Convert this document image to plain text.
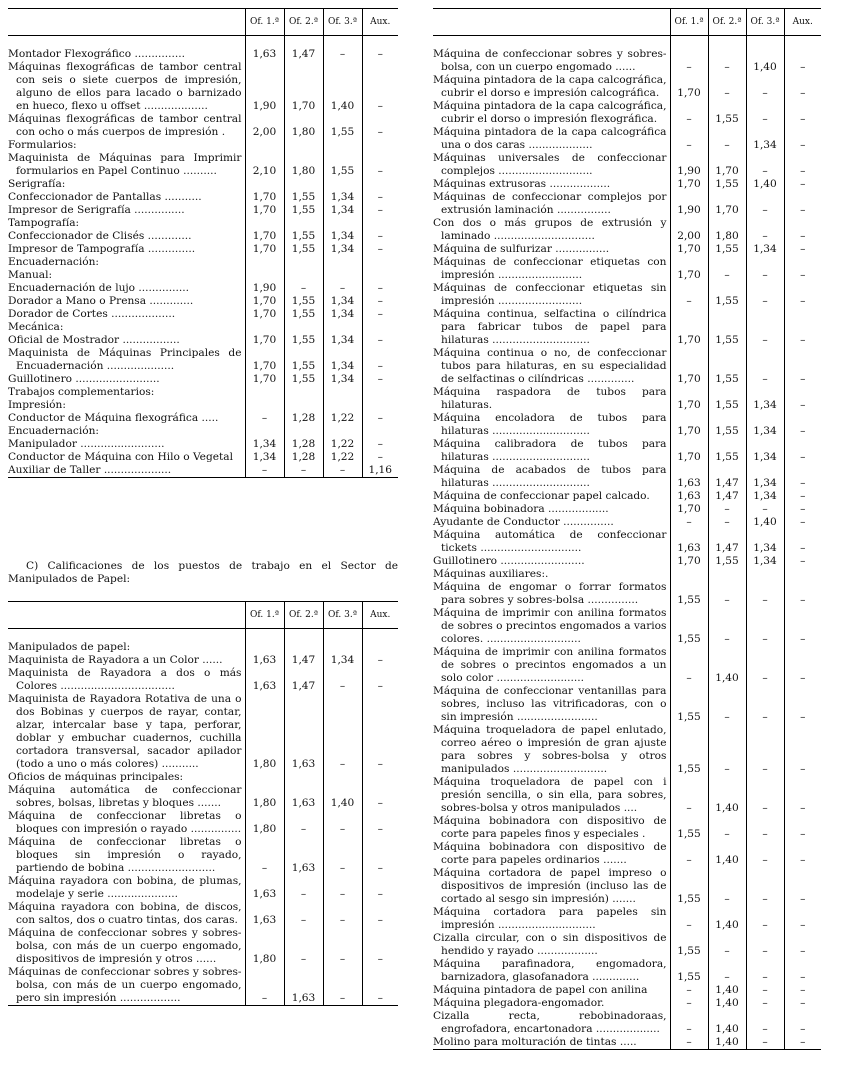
	Of. 1.ª	Of. 2.ª	Of. 3.ª	Aux.

Montador Flexográfico ...............	1,63	1,47	–	–

Máquinas flexográficas de tambor central con seis o siete cuerpos de impresión, alguno de ellos para lacado o barnizado en hueco, flexo u offset ...................	1,90	1,70	1,40	–

Máquinas flexográficas de tambor central con ocho o más cuerpos de impresión .	2,00	1,80	1,55	–
Formularios:				

Maquinista de Máquinas para Imprimir formularios en Papel Continuo ..........	2,10	1,80	1,55	–
Serigrafía:				

Confeccionador de Pantallas ...........	1,70	1,55	1,34	–

Impresor de Serigrafía ...............	1,70	1,55	1,34	–
Tampografía:				

Confeccionador de Clisés .............	1,70	1,55	1,34	–

Impresor de Tampografía ..............	1,70	1,55	1,34	–
Encuadernación:				
Manual:				

Encuadernación de lujo ...............	1,90	–	–	–

Dorador a Mano o Prensa .............	1,70	1,55	1,34	–

Dorador de Cortes ...................	1,70	1,55	1,34	–
Mecánica:				

Oficial de Mostrador .................	1,70	1,55	1,34	–

Maquinista de Máquinas Principales de Encuadernación ....................	1,70	1,55	1,34	–

Guillotinero .........................	1,70	1,55	1,34	–
Trabajos complementarios:				
Impresión:				

Conductor de Máquina flexográfica .....	–	1,28	1,22	–
Encuadernación:				

Manipulador .........................	1,34	1,28	1,22	–

Conductor de Máquina con Hilo o Vegetal	1,34	1,28	1,22	–

Auxiliar de Taller ....................	–	–	–	1,16
C) Calificaciones de los puestos de trabajo en el Sector de Manipulados de Papel:
	Of. 1.ª	Of. 2.ª	Of. 3.ª	Aux.

Manipulados de papel:				

Maquinista de Rayadora a un Color ......	1,63	1,47	1,34	–

Maquinista de Rayadora a dos o más Colores ..................................	1,63	1,47	–	–

Maquinista de Rayadora Rotativa de una o dos Bobinas y cuerpos de rayar, contar, alzar, intercalar base y tapa, perforar, doblar y embuchar cuadernos, cuchilla cortadora transversal, sacador apilador (todo a uno o más colores) ...........	1,80	1,63	–	–
Oficios de máquinas principales:				

Máquina automática de confeccionar sobres, bolsas, libretas y bloques .......	1,80	1,63	1,40	–

Máquina de confeccionar libretas o bloques con impresión o rayado ...............	1,80	–	–	–

Máquina de confeccionar libretas o bloques sin impresión o rayado, partiendo de bobina ..........................	–	1,63	–	–

Máquina rayadora con bobina, de plumas, modelaje y serie .....................	1,63	–	–	–

Máquina rayadora con bobina, de discos, con saltos, dos o cuatro tintas, dos caras.	1,63	–	–	–

Máquina de confeccionar sobres y sobres-bolsa, con más de un cuerpo engomado, dispositivos de impresión y otros ......	1,80	–	–	–

Máquinas de confeccionar sobres y sobres-bolsa, con más de un cuerpo engomado, pero sin impresión ..................	–	1,63	–	–
	Of. 1.ª	Of. 2.ª	Of. 3.ª	Aux.

Máquina de confeccionar sobres y sobres-bolsa, con un cuerpo engomado ......	–	–	1,40	–

Máquina pintadora de la capa calcográfica, cubrir el dorso e impresión calcográfica.	1,70	–	–	–

Máquina pintadora de la capa calcográfica, cubrir el dorso o impresión flexográfica.	–	1,55	–	–

Máquina pintadora de la capa calcográfica una o dos caras ...................	–	–	1,34	–

Máquinas universales de confeccionar complejos ............................	1,90	1,70	–	–

Máquinas extrusoras ..................	1,70	1,55	1,40	–

Máquinas de confeccionar complejos por extrusión laminación ................	1,90	1,70	–	–

Con dos o más grupos de extrusión y laminado ..............................	2,00	1,80	–	–

Máquina de sulfurizar ................	1,70	1,55	1,34	–

Máquinas de confeccionar etiquetas con impresión .........................	1,70	–	–	–

Máquinas de confeccionar etiquetas sin impresión .........................	–	1,55	–	–

Máquina continua, selfactina o cilíndrica para fabricar tubos de papel para hilaturas .............................	1,70	1,55	–	–

Máquina continua o no, de confeccionar tubos para hilaturas, en su especialidad de selfactinas o cilíndricas ..............	1,70	1,55	–	–

Máquina raspadora de tubos para hilaturas.	1,70	1,55	1,34	–

Máquina encoladora de tubos para hilaturas .............................	1,70	1,55	1,34	–

Máquina calibradora de tubos para hilaturas .............................	1,70	1,55	1,34	–

Máquina de acabados de tubos para hilaturas .............................	1,63	1,47	1,34	–

Máquina de confeccionar papel calcado.	1,63	1,47	1,34	–

Máquina bobinadora ..................	1,70	–	–	–

Ayudante de Conductor ...............	–	–	1,40	–

Máquina automática de confeccionar tickets ..............................	1,63	1,47	1,34	–

Guillotinero .........................	1,70	1,55	1,34	–
Máquinas auxiliares:.				

Máquina de engomar o forrar formatos para sobres y sobres-bolsa ...............	1,55	–	–	–

Máquina de imprimir con anilina formatos de sobres o precintos engomados a varios colores. ............................	1,55	–	–	–

Máquina de imprimir con anilina formatos de sobres o precintos engomados a un solo color ..........................	–	1,40	–	–

Máquina de confeccionar ventanillas para sobres, incluso las vitrificadoras, con o sin impresión ........................	1,55	–	–	–

Máquina troqueladora de papel enlutado, correo aéreo o impresión de gran ajuste para sobres y sobres-bolsa y otros manipulados ............................	1,55	–	–	–

Máquina troqueladora de papel con i presión sencilla, o sin ella, para sobres, sobres-bolsa y otros manipulados ....	–	1,40	–	–

Máquina bobinadora con dispositivo de corte para papeles finos y especiales .	1,55	–	–	–

Máquina bobinadora con dispositivo de corte para papeles ordinarios .......	–	1,40	–	–

Máquina cortadora de papel impreso o dispositivos de impresión (incluso las de cortado al sesgo sin impresión) .......	1,55	–	–	–

Máquina cortadora para papeles sin impresión .............................	–	1,40	–	–

Cizalla circular, con o sin dispositivos de hendido y rayado ..................	1,55	–	–	–

Máquina parafinadora, engomadora, barnizadora, glasofanadora ..............	1,55	–	–	–

Máquina pintadora de papel con anilina	–	1,40	–	–

Máquina plegadora-engomador.	–	1,40	–	–

Cizalla recta, rebobinadoraas, engrofadora, encartonadora ...................	–	1,40	–	–

Molino para molturación de tintas .....	–	1,40	–	–
